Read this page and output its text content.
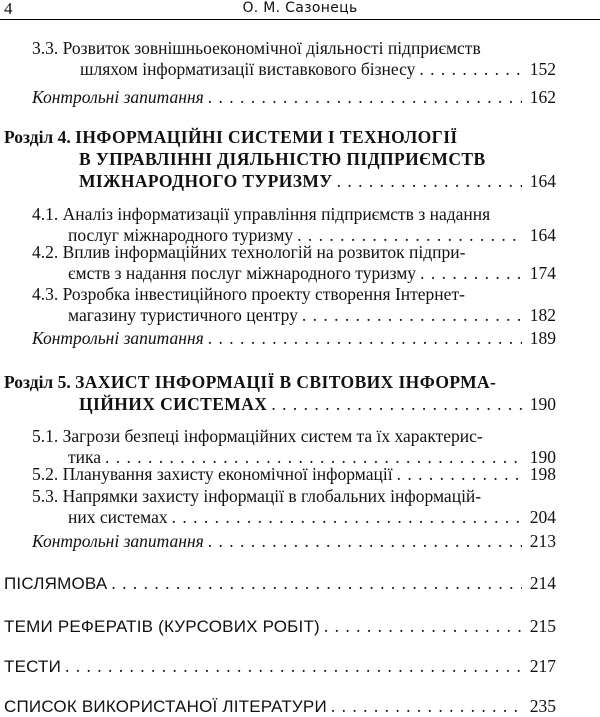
4	О. М. Сазонець
3.3. Розвиток зовнішньоекономічної діяльності підприємств
шляхом інформатизації виставкового бізнесу . . .	152
Контрольні запитання . . .	162
Розділ 4. ІНФОРМАЦІЙНІ СИСТЕМИ І ТЕХНОЛОГІЇ
В УПРАВЛІННІ ДІЯЛЬНІСТЮ ПІДПРИЄМСТВ
МІЖНАРОДНОГО ТУРИЗМУ . . .	164
4.1. Аналіз інформатизації управління підприємств з надання
послуг міжнародного туризму . . .	164
4.2. Вплив інформаційних технологій на розвиток підпри-
ємств з надання послуг міжнародного туризму . . .	174
4.3. Розробка інвестиційного проекту створення Інтернет-
магазину туристичного центру . . .	182
Контрольні запитання . . .	189
Розділ 5. ЗАХИСТ ІНФОРМАЦІЇ В СВІТОВИХ ІНФОРМА-
ЦІЙНИХ СИСТЕМАХ . . .	190
5.1. Загрози безпеці інформаційних систем та їх характерис-
тика . . .	190
5.2. Планування захисту економічної інформації . . .	198
5.3. Напрямки захисту інформації в глобальних інформацій-
них системах . . .	204
Контрольні запитання . . .	213
ПІСЛЯМОВА . . .	214
ТЕМИ РЕФЕРАТІВ (КУРСОВИХ РОБІТ) . . .	215
ТЕСТИ . . .	217
СПИСОК ВИКОРИСТАНОЇ ЛІТЕРАТУРИ . . .	235
